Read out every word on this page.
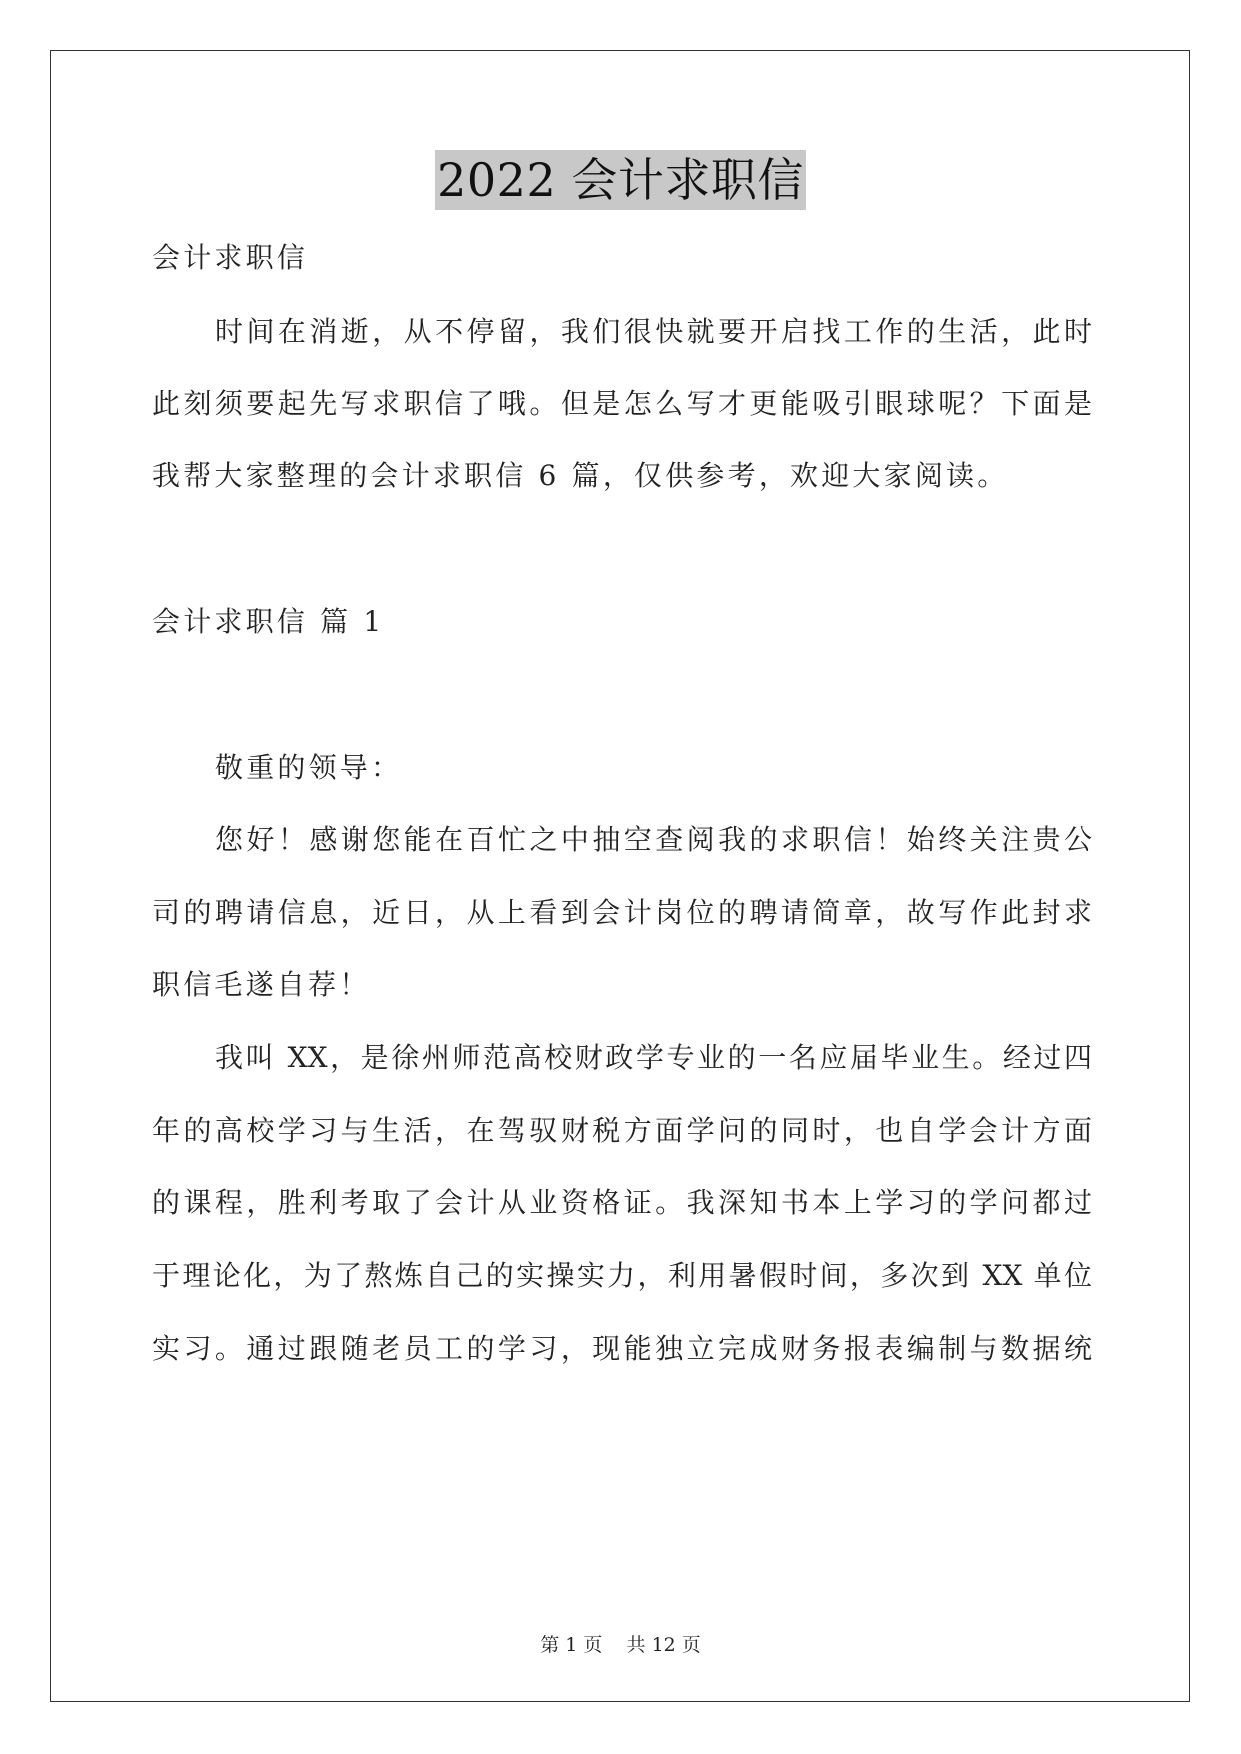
2022 会计求职信
会计求职信
时间在消逝，从不停留，我们很快就要开启找工作的生活，此时
此刻须要起先写求职信了哦。但是怎么写才更能吸引眼球呢？下面是
我帮大家整理的会计求职信 6 篇，仅供参考，欢迎大家阅读。
会计求职信 篇 1
敬重的领导：
您好！感谢您能在百忙之中抽空查阅我的求职信！始终关注贵公
司的聘请信息，近日，从上看到会计岗位的聘请简章，故写作此封求
职信毛遂自荐！
我叫 XX，是徐州师范高校财政学专业的一名应届毕业生。经过四
年的高校学习与生活，在驾驭财税方面学问的同时，也自学会计方面
的课程，胜利考取了会计从业资格证。我深知书本上学习的学问都过
于理论化，为了熬炼自己的实操实力，利用暑假时间，多次到 XX 单位
实习。通过跟随老员工的学习，现能独立完成财务报表编制与数据统
第 1 页 共 12 页
